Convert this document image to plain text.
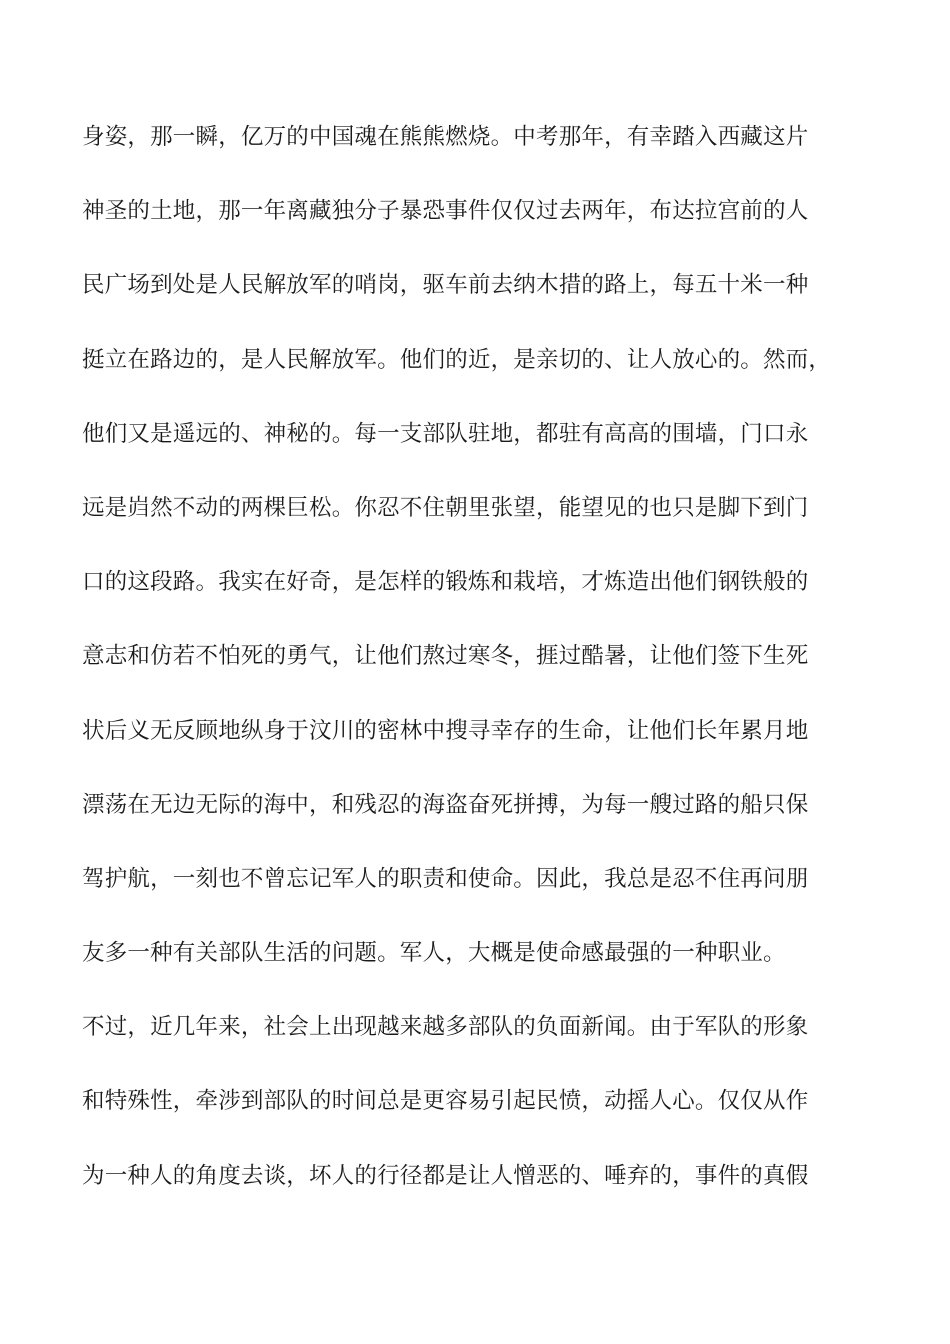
身姿，那一瞬，亿万的中国魂在熊熊燃烧。中考那年，有幸踏入西藏这片
神圣的土地，那一年离藏独分子暴恐事件仅仅过去两年，布达拉宫前的人
民广场到处是人民解放军的哨岗，驱车前去纳木措的路上，每五十米一种
挺立在路边的，是人民解放军。他们的近，是亲切的、让人放心的。然而，
他们又是遥远的、神秘的。每一支部队驻地，都驻有高高的围墙，门口永
远是岿然不动的两棵巨松。你忍不住朝里张望，能望见的也只是脚下到门
口的这段路。我实在好奇，是怎样的锻炼和栽培，才炼造出他们钢铁般的
意志和仿若不怕死的勇气，让他们熬过寒冬，捱过酷暑，让他们签下生死
状后义无反顾地纵身于汶川的密林中搜寻幸存的生命，让他们长年累月地
漂荡在无边无际的海中，和残忍的海盗奋死拼搏，为每一艘过路的船只保
驾护航，一刻也不曾忘记军人的职责和使命。因此，我总是忍不住再问朋
友多一种有关部队生活的问题。军人，大概是使命感最强的一种职业。
不过，近几年来，社会上出现越来越多部队的负面新闻。由于军队的形象
和特殊性，牵涉到部队的时间总是更容易引起民愤，动摇人心。仅仅从作
为一种人的角度去谈，坏人的行径都是让人憎恶的、唾弃的，事件的真假
